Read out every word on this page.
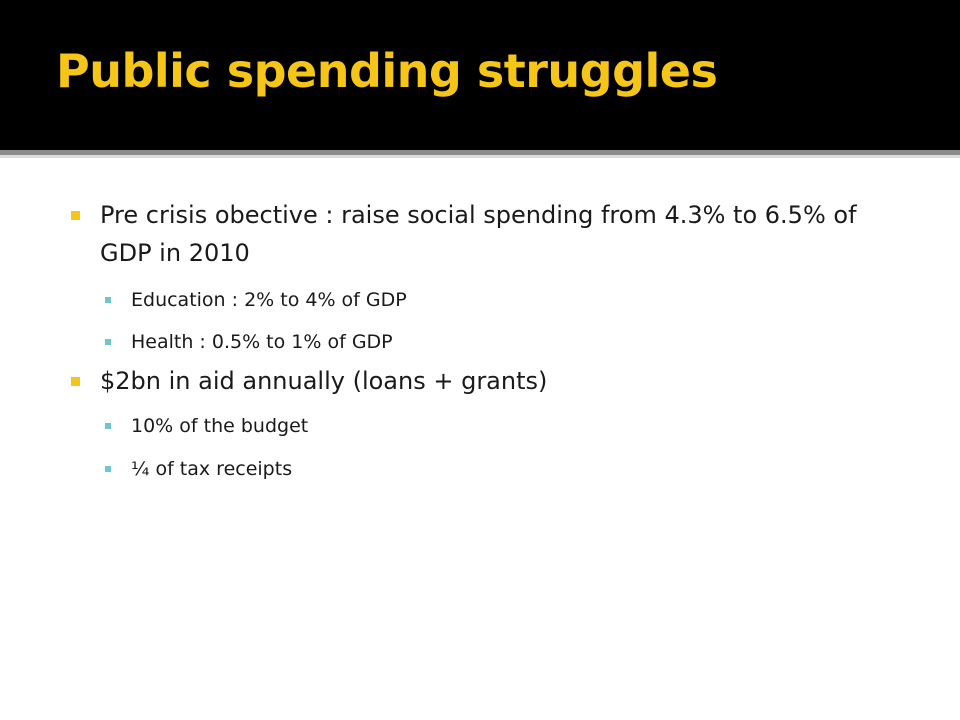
Public spending struggles
Pre crisis obective : raise social spending from 4.3% to 6.5% of GDP in 2010
Education : 2% to 4% of GDP
Health : 0.5% to 1% of GDP
$2bn in aid annually (loans + grants)
10% of the budget
¼ of tax receipts
